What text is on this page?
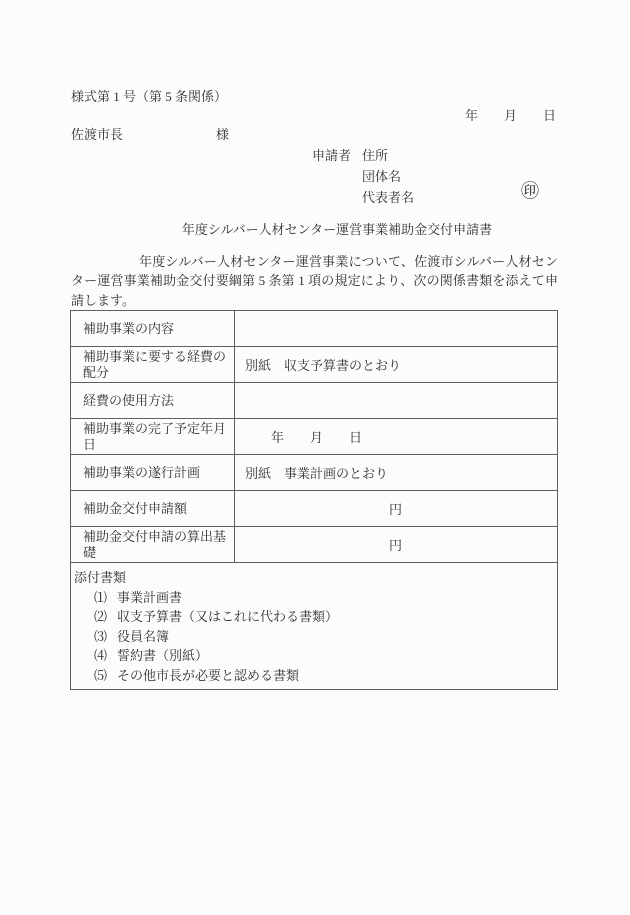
様式第 1 号（第 5 条関係）
年　　月　　日
佐渡市長	様
申請者 住所
団体名
代表者名	㊞
年度シルバー人材センター運営事業補助金交付申請書
年度シルバー人材センター運営事業について、佐渡市シルバー人材センター運営事業補助金交付要綱第 5 条第 1 項の規定により、次の関係書類を添えて申請します。
補助事業の内容	
補助事業に要する経費の配分	別紙　収支予算書のとおり
経費の使用方法	
補助事業の完了予定年月日	　　年　　月　　日
補助事業の遂行計画	別紙　事業計画のとおり
補助金交付申請額	円
補助金交付申請の算出基礎	円

添付書類
⑴ 事業計画書
⑵ 収支予算書（又はこれに代わる書類）
⑶ 役員名簿
⑷ 誓約書（別紙）
⑸ その他市長が必要と認める書類
